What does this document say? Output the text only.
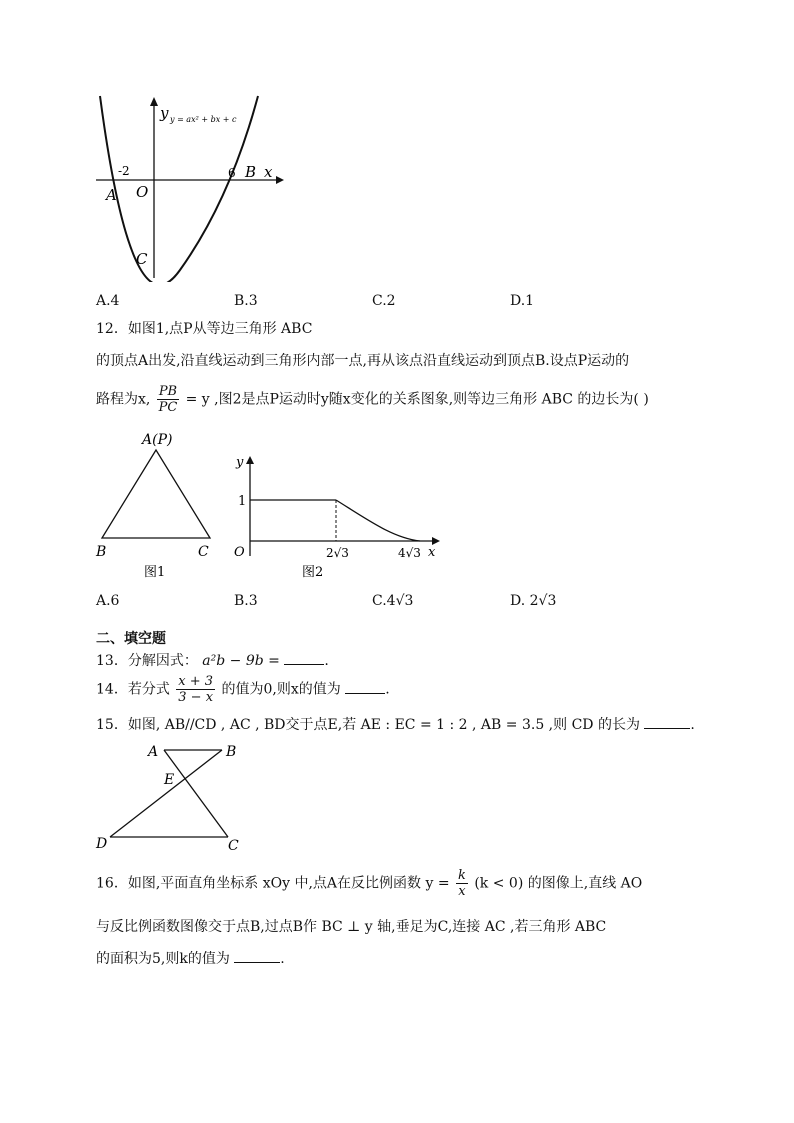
y y = ax² + bx + c
x
-2	6
A O
B
C
A.4	B.3	C.2	D.1
12．如图1,点P从等边三角形 ABC
的顶点A出发,沿直线运动到三角形内部一点,再从该点沿直线运动到顶点B.设点P运动的
路程为x, $\frac{PB}{PC} = y$ ,图2是点P运动时y随x变化的关系图象,则等边三角形 ABC 的边长为( )
A(P)
B	C
图1
y
1
O	2√3	4√3 x
图2
A.6	B.3	C.4√3	D. 2√3
二、填空题
13．分解因式： a²b − 9b =	.
14．若分式 $\frac{x + 3}{3 - x}$ 的值为0,则x的值为	.
15．如图, AB//CD , AC , BD交于点E,若 AE : EC = 1 : 2 , AB = 3.5 ,则 CD 的长为	.
A	B
E
D	C
16．如图,平面直角坐标系 xOy 中,点A在反比例函数 $y = \frac{k}{x} (k < 0)$ 的图像上,直线 AO
与反比例函数图像交于点B,过点B作 BC ⊥ y 轴,垂足为C,连接 AC ,若三角形 ABC
的面积为5,则k的值为	.
